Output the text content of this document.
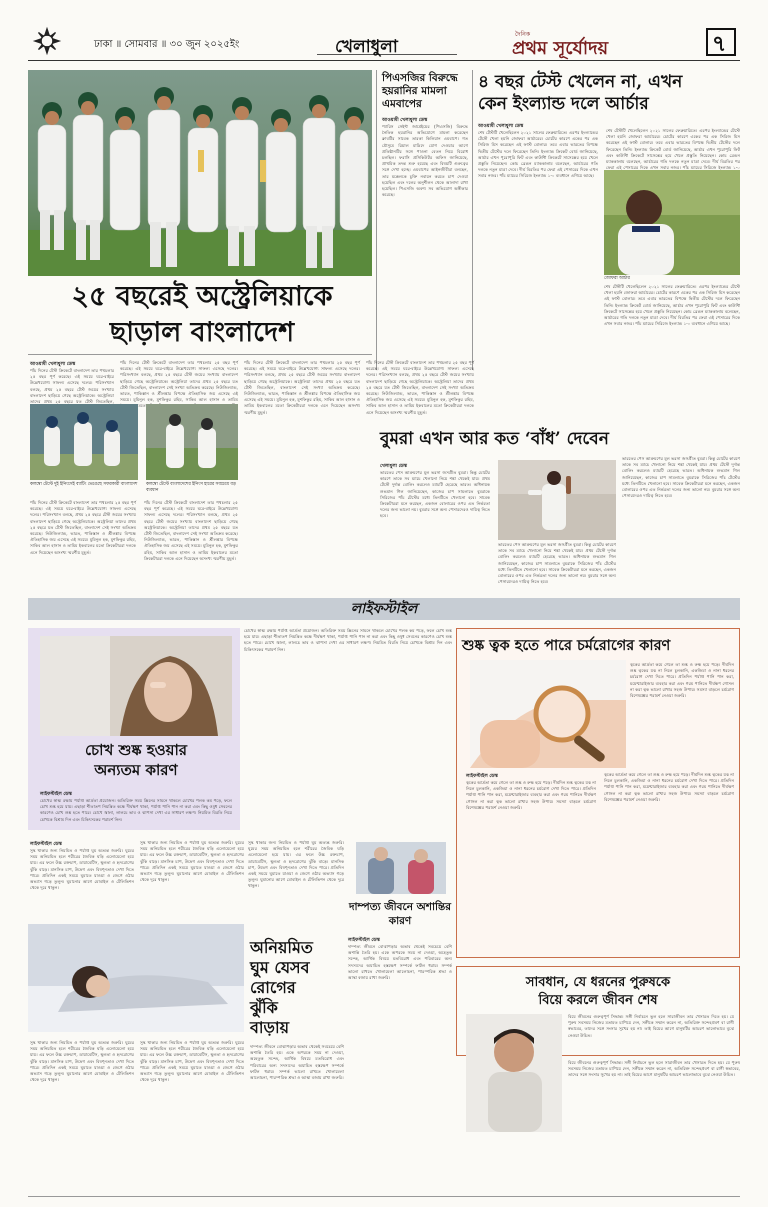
ঢাকা ॥ সোমবার ॥ ৩০ জুন ২০২৫ইং	খেলাধুলা
দৈনিক
প্রথম সূর্যোদয়	৭
পিএসজির বিরুদ্ধে হয়রানির মামলা এমবাপের
আওয়ামী খেলাধুলা ডেস্ক
প্যারিস সেইন্ট জার্মেইয়ের (পিএসজি) বিরুদ্ধে নৈতিক হয়রানির অভিযোগে মামলা করেছেন ক্লাবটির সাবেক তারকা কিলিয়ান এমবাপে। গত মৌসুমে রিয়াল মাদ্রিদে যোগ দেওয়ার আগে প্রতিষ্ঠানটির সঙ্গে পাওনা বেতন নিয়ে বিরোধ চলছিল। ফরাসি প্রসিকিউটর অফিস জানিয়েছে, প্রাথমিক তদন্ত শুরু হয়েছে এবং বিষয়টি গুরুত্বের সঙ্গে দেখা হচ্ছে। এমবাপের আইনজীবীরা বলছেন, তার মক্কেলকে চুক্তি নবায়ন করতে চাপ দেওয়া হয়েছিল এবং দলের অনুশীলন থেকে আলাদা রাখা হয়েছিল। পিএসজি অবশ্য সব অভিযোগ অস্বীকার করেছে।
৪ বছর টেস্ট খেলেন না, এখন
কেন ইংল্যান্ড দলে আর্চার
আওয়ামী খেলাধুলা ডেস্ক
শেষ টেস্টটি খেলেছিলেন ২০২১ সালের ফেব্রুয়ারিতে। এরপর ইংল্যান্ডের টেস্টে খেলা হয়নি জোফরা আর্চারের। চোটের কারণে একের পর এক সিরিজ মিস করেছেন এই ফাস্ট বোলার। তবে এবার ভারতের বিপক্ষে দ্বিতীয় টেস্টের দলে ফিরেছেন তিনি। ইংল্যান্ড ক্রিকেট বোর্ড জানিয়েছে, আর্চার এখন পুরোপুরি ফিট এবং কাউন্টি ক্রিকেটে সাসেক্সের হয়ে খেলে প্রস্তুতি নিয়েছেন। কোচ ব্রেন্ডন ম্যাককালাম বলেছেন, আর্চারের গতি দলকে নতুন মাত্রা দেবে। দীর্ঘ বিরতির পর ফেরা এই পেসারের দিকে এখন সবার নজর। পাঁচ ম্যাচের সিরিজে ইংল্যান্ড ১-০ ব্যবধানে এগিয়ে আছে।
শেষ টেস্টটি খেলেছিলেন ২০২১ সালের ফেব্রুয়ারিতে। এরপর ইংল্যান্ডের টেস্টে খেলা হয়নি জোফরা আর্চারের। চোটের কারণে একের পর এক সিরিজ মিস করেছেন এই ফাস্ট বোলার। তবে এবার ভারতের বিপক্ষে দ্বিতীয় টেস্টের দলে ফিরেছেন তিনি। ইংল্যান্ড ক্রিকেট বোর্ড জানিয়েছে, আর্চার এখন পুরোপুরি ফিট এবং কাউন্টি ক্রিকেটে সাসেক্সের হয়ে খেলে প্রস্তুতি নিয়েছেন। কোচ ব্রেন্ডন ম্যাককালাম বলেছেন, আর্চারের গতি দলকে নতুন মাত্রা দেবে। দীর্ঘ বিরতির পর ফেরা এই পেসারের দিকে এখন সবার নজর। পাঁচ ম্যাচের সিরিজে ইংল্যান্ড ১-০
জোফরা আর্চার
শেষ টেস্টটি খেলেছিলেন ২০২১ সালের ফেব্রুয়ারিতে। এরপর ইংল্যান্ডের টেস্টে খেলা হয়নি জোফরা আর্চারের। চোটের কারণে একের পর এক সিরিজ মিস করেছেন এই ফাস্ট বোলার। তবে এবার ভারতের বিপক্ষে দ্বিতীয় টেস্টের দলে ফিরেছেন তিনি। ইংল্যান্ড ক্রিকেট বোর্ড জানিয়েছে, আর্চার এখন পুরোপুরি ফিট এবং কাউন্টি ক্রিকেটে সাসেক্সের হয়ে খেলে প্রস্তুতি নিয়েছেন। কোচ ব্রেন্ডন ম্যাককালাম বলেছেন, আর্চারের গতি দলকে নতুন মাত্রা দেবে। দীর্ঘ বিরতির পর ফেরা এই পেসারের দিকে এখন সবার নজর। পাঁচ ম্যাচের সিরিজে ইংল্যান্ড ১-০ ব্যবধানে এগিয়ে আছে।
২৫ বছরেই অস্ট্রেলিয়াকে
ছাড়াল বাংলাদেশ
আওয়ামী খেলাধুলা ডেস্ক
পাঁচ দিনের টেস্ট ক্রিকেটে বাংলাদেশ তার পথচলার ২৫ বছর পূর্ণ করেছে। এই সময়ে ঘরে-বাইরে উল্লেখযোগ্য সাফল্য এসেছে দলের। পরিসংখ্যান বলছে, প্রথম ২৫ বছরে টেস্ট জয়ের সংখ্যায় বাংলাদেশ ছাড়িয়ে গেছে অস্ট্রেলিয়াকে। অস্ট্রেলিয়া তাদের প্রথম ২৫ বছরে যত টেস্ট জিতেছিল,
পাঁচ দিনের টেস্ট ক্রিকেটে বাংলাদেশ তার পথচলার ২৫ বছর পূর্ণ করেছে। এই সময়ে ঘরে-বাইরে উল্লেখযোগ্য সাফল্য এসেছে দলের। পরিসংখ্যান বলছে, প্রথম ২৫ বছরে টেস্ট জয়ের সংখ্যায় বাংলাদেশ ছাড়িয়ে গেছে অস্ট্রেলিয়াকে। অস্ট্রেলিয়া তাদের প্রথম ২৫ বছরে যত টেস্ট জিতেছিল, বাংলাদেশ সেই সংখ্যা অতিক্রম করেছে। নিউজিল্যান্ড, ভারত, পাকিস্তান ও শ্রীলঙ্কার বিপক্ষে ঐতিহাসিক জয় এসেছে এই সময়ে। মুমিনুল হক, মুশফিকুর রহিম, সাকিব আল হাসান ও তামিম মতো
পাঁচ দিনের টেস্ট ক্রিকেটে বাংলাদেশ তার পথচলার ২৫ বছর পূর্ণ করেছে। এই সময়ে ঘরে-বাইরে উল্লেখযোগ্য সাফল্য এসেছে দলের। পরিসংখ্যান বলছে, প্রথম ২৫ বছরে টেস্ট জয়ের সংখ্যায় বাংলাদেশ ছাড়িয়ে গেছে অস্ট্রেলিয়াকে। অস্ট্রেলিয়া তাদের প্রথম ২৫ বছরে যত টেস্ট জিতেছিল, বাংলাদেশ সেই সংখ্যা অতিক্রম করেছে। নিউজিল্যান্ড, ভারত, পাকিস্তান ও শ্রীলঙ্কার বিপক্ষে ঐতিহাসিক জয় এসেছে এই সময়ে। মুমিনুল হক, মুশফিকুর রহিম, সাকিব আল হাসান ও তামিম ইকবালের মতো ক্রিকেটাররা দলকে এনে দিয়েছেন অসংখ্য স্মরণীয় মুহূর্ত।
পাঁচ দিনের টেস্ট ক্রিকেটে বাংলাদেশ তার পথচলার ২৫ বছর পূর্ণ করেছে। এই সময়ে ঘরে-বাইরে উল্লেখযোগ্য সাফল্য এসেছে দলের। পরিসংখ্যান বলছে, প্রথম ২৫ বছরে টেস্ট জয়ের সংখ্যায় বাংলাদেশ ছাড়িয়ে গেছে অস্ট্রেলিয়াকে। অস্ট্রেলিয়া তাদের প্রথম ২৫ বছরে যত টেস্ট জিতেছিল, বাংলাদেশ সেই সংখ্যা অতিক্রম করেছে। নিউজিল্যান্ড, ভারত, পাকিস্তান ও শ্রীলঙ্কার বিপক্ষে ঐতিহাসিক জয় এসেছে এই সময়ে। মুমিনুল হক, মুশফিকুর রহিম, সাকিব আল হাসান ও তামিম ইকবালের মতো ক্রিকেটাররা দলকে এনে দিয়েছেন অসংখ্য স্মরণীয় মুহূর্ত।
কলম্বো টেস্টে দুই ইনিংসেই ব্যাটিং ভেঙেছে সফরকারী বাংলাদেশ কলম্বো টেস্টে বাংলাদেশের ইনিংস হারের সবচেয়ে বড় ব্যবধান
পাঁচ দিনের টেস্ট ক্রিকেটে বাংলাদেশ তার পথচলার ২৫ বছর পূর্ণ করেছে। এই সময়ে ঘরে-বাইরে উল্লেখযোগ্য সাফল্য এসেছে দলের। পরিসংখ্যান বলছে, প্রথম ২৫ বছরে টেস্ট জয়ের সংখ্যায় বাংলাদেশ ছাড়িয়ে গেছে অস্ট্রেলিয়াকে। অস্ট্রেলিয়া তাদের প্রথম ২৫ বছরে যত টেস্ট জিতেছিল, বাংলাদেশ সেই সংখ্যা অতিক্রম করেছে। নিউজিল্যান্ড, ভারত, পাকিস্তান ও শ্রীলঙ্কার বিপক্ষে ঐতিহাসিক জয় এসেছে এই সময়ে। মুমিনুল হক, মুশফিকুর রহিম, সাকিব আল হাসান ও তামিম ইকবালের মতো ক্রিকেটাররা দলকে এনে দিয়েছেন অসংখ্য স্মরণীয় মুহূর্ত।
পাঁচ দিনের টেস্ট ক্রিকেটে বাংলাদেশ তার পথচলার ২৫ বছর পূর্ণ করেছে। এই সময়ে ঘরে-বাইরে উল্লেখযোগ্য সাফল্য এসেছে দলের। পরিসংখ্যান বলছে, প্রথম ২৫ বছরে টেস্ট জয়ের সংখ্যায় বাংলাদেশ ছাড়িয়ে গেছে অস্ট্রেলিয়াকে। অস্ট্রেলিয়া তাদের প্রথম ২৫ বছরে যত টেস্ট জিতেছিল, বাংলাদেশ সেই সংখ্যা অতিক্রম করেছে। নিউজিল্যান্ড, ভারত, পাকিস্তান ও শ্রীলঙ্কার বিপক্ষে ঐতিহাসিক জয় এসেছে এই সময়ে। মুমিনুল হক, মুশফিকুর রহিম, সাকিব আল হাসান ও তামিম ইকবালের মতো ক্রিকেটাররা দলকে এনে দিয়েছেন অসংখ্য স্মরণীয় মুহূর্ত।
বুমরা এখন আর কত ‘বাঁধ’ দেবেন
খেলাধুলা ডেস্ক
ভারতের পেস আক্রমণের মূল ভরসা জসপ্রীত বুমরা। কিন্তু চোটের কারণে তাকে সব ম্যাচে খেলানো নিয়ে শঙ্কা থেকেই যায়। প্রথম টেস্টে দুর্দান্ত বোলিং করলেও ম্যাচটি হেরেছে ভারত। অধিনায়ক শুভমান গিল জানিয়েছেন, কাজের চাপ সামলাতে বুমরাকে সিরিজের পাঁচ টেস্টের মধ্যে তিনটিতে খেলানো হবে। সাবেক ক্রিকেটাররা মনে করছেন, একজন বোলারের ওপর এত নির্ভরতা দলের জন্য ভালো নয়। বুমরার সঙ্গে অন্য পেসারদেরও দায়িত্ব নিতে হবে।
ভারতের পেস আক্রমণের মূল ভরসা জসপ্রীত বুমরা। কিন্তু চোটের কারণে তাকে সব ম্যাচে খেলানো নিয়ে শঙ্কা থেকেই যায়। প্রথম টেস্টে দুর্দান্ত বোলিং করলেও ম্যাচটি হেরেছে ভারত। অধিনায়ক শুভমান গিল জানিয়েছেন, কাজের চাপ সামলাতে বুমরাকে সিরিজের পাঁচ টেস্টের মধ্যে তিনটিতে খেলানো হবে। সাবেক ক্রিকেটাররা মনে করছেন, একজন বোলারের ওপর এত নির্ভরতা দলের জন্য ভালো নয়। বুমরার সঙ্গে অন্য পেসারদেরও দায়িত্ব নিতে হবে।
ভারতের পেস আক্রমণের মূল ভরসা জসপ্রীত বুমরা। কিন্তু চোটের কারণে তাকে সব ম্যাচে খেলানো নিয়ে শঙ্কা থেকেই যায়। প্রথম টেস্টে দুর্দান্ত বোলিং করলেও ম্যাচটি হেরেছে ভারত। অধিনায়ক শুভমান গিল জানিয়েছেন, কাজের চাপ সামলাতে বুমরাকে সিরিজের পাঁচ টেস্টের মধ্যে তিনটিতে খেলানো হবে। সাবেক ক্রিকেটাররা মনে করছেন, একজন বোলারের ওপর এত নির্ভরতা দলের জন্য ভালো নয়। বুমরার সঙ্গে অন্য পেসারদেরও দায়িত্ব নিতে হবে।
লাইফস্টাইল
চোখ শুষ্ক হওয়ার
অন্যতম কারণ
লাইফস্টাইল ডেস্ক
চোখের স্বাস্থ্য রক্ষায় পর্যাপ্ত আর্দ্রতা প্রয়োজন। অতিরিক্ত সময় স্ক্রিনের সামনে থাকলে চোখের পলক কম পড়ে, ফলে চোখ শুষ্ক হয়ে যায়। এছাড়া শীতাতপ নিয়ন্ত্রিত কক্ষে দীর্ঘক্ষণ থাকা, পর্যাপ্ত পানি পান না করা এবং কিছু ওষুধ সেবনের কারণেও চোখ শুষ্ক হতে পারে। চোখে জ্বালা, লালচে ভাব ও ঝাপসা দেখা এর সাধারণ লক্ষণ। নিয়মিত বিরতি নিয়ে চোখকে বিশ্রাম দিন এবং চিকিৎসকের পরামর্শ নিন।
চোখের স্বাস্থ্য রক্ষায় পর্যাপ্ত আর্দ্রতা প্রয়োজন। অতিরিক্ত সময় স্ক্রিনের সামনে থাকলে চোখের পলক কম পড়ে, ফলে চোখ শুষ্ক হয়ে যায়। এছাড়া শীতাতপ নিয়ন্ত্রিত কক্ষে দীর্ঘক্ষণ থাকা, পর্যাপ্ত পানি পান না করা এবং কিছু ওষুধ সেবনের কারণেও চোখ শুষ্ক হতে পারে। চোখে জ্বালা, লালচে ভাব ও ঝাপসা দেখা এর সাধারণ লক্ষণ। নিয়মিত বিরতি নিয়ে চোখকে বিশ্রাম দিন এবং চিকিৎসকের পরামর্শ নিন।	শুষ্ক ত্বক হতে পারে চর্মরোগের কারণ
ত্বকের আর্দ্রতা কমে গেলে তা শুষ্ক ও রুক্ষ হয়ে পড়ে। দীর্ঘদিন শুষ্ক ত্বকের যত্ন না নিলে চুলকানি, একজিমা ও নানা ধরনের চর্মরোগ দেখা দিতে পারে। প্রতিদিন পর্যাপ্ত পানি পান করা, ময়েশ্চারাইজার ব্যবহার করা এবং গরম পানিতে দীর্ঘক্ষণ গোসল না করা ত্বক ভালো রাখার সহজ উপায়। সমস্যা বাড়লে চর্মরোগ বিশেষজ্ঞের পরামর্শ নেওয়া জরুরি।
লাইফস্টাইল ডেস্ক
ত্বকের আর্দ্রতা কমে গেলে তা শুষ্ক ও রুক্ষ হয়ে পড়ে। দীর্ঘদিন শুষ্ক ত্বকের যত্ন না নিলে চুলকানি, একজিমা ও নানা ধরনের চর্মরোগ দেখা দিতে পারে। প্রতিদিন পর্যাপ্ত পানি পান করা, ময়েশ্চারাইজার ব্যবহার করা এবং গরম পানিতে দীর্ঘক্ষণ গোসল না করা ত্বক ভালো রাখার সহজ উপায়। সমস্যা বাড়লে চর্মরোগ বিশেষজ্ঞের পরামর্শ নেওয়া জরুরি।
ত্বকের আর্দ্রতা কমে গেলে তা শুষ্ক ও রুক্ষ হয়ে পড়ে। দীর্ঘদিন শুষ্ক ত্বকের যত্ন না নিলে চুলকানি, একজিমা ও নানা ধরনের চর্মরোগ দেখা দিতে পারে। প্রতিদিন পর্যাপ্ত পানি পান করা, ময়েশ্চারাইজার ব্যবহার করা এবং গরম পানিতে দীর্ঘক্ষণ গোসল না করা ত্বক ভালো রাখার সহজ উপায়। সমস্যা বাড়লে চর্মরোগ বিশেষজ্ঞের পরামর্শ নেওয়া জরুরি।
লাইফস্টাইল ডেস্ক
সুস্থ থাকার জন্য নিয়মিত ও পর্যাপ্ত ঘুম অত্যন্ত জরুরি। ঘুমের সময় অনিয়মিত হলে শরীরের জৈবিক ঘড়ি এলোমেলো হয়ে যায়। এর ফলে উচ্চ রক্তচাপ, ডায়াবেটিস, স্থূলতা ও হৃদরোগের ঝুঁকি বাড়ে। মানসিক চাপ, উদ্বেগ এবং বিষণ্নতাও দেখা দিতে পারে। প্রতিদিন একই সময়ে ঘুমাতে যাওয়া ও জেগে ওঠার অভ্যাস গড়ে তুলুন। ঘুমানোর আগে মোবাইল ও টেলিভিশন থেকে দূরে থাকুন।
সুস্থ থাকার জন্য নিয়মিত ও পর্যাপ্ত ঘুম অত্যন্ত জরুরি। ঘুমের সময় অনিয়মিত হলে শরীরের জৈবিক ঘড়ি এলোমেলো হয়ে যায়। এর ফলে উচ্চ রক্তচাপ, ডায়াবেটিস, স্থূলতা ও হৃদরোগের ঝুঁকি বাড়ে। মানসিক চাপ, উদ্বেগ এবং বিষণ্নতাও দেখা দিতে পারে। প্রতিদিন একই সময়ে ঘুমাতে যাওয়া ও জেগে ওঠার অভ্যাস গড়ে তুলুন। ঘুমানোর আগে মোবাইল ও টেলিভিশন থেকে দূরে থাকুন।
অনিয়মিত
ঘুম যেসব
রোগের
ঝুঁকি
বাড়ায়
সুস্থ থাকার জন্য নিয়মিত ও পর্যাপ্ত ঘুম অত্যন্ত জরুরি। ঘুমের সময় অনিয়মিত হলে শরীরের জৈবিক ঘড়ি এলোমেলো হয়ে যায়। এর ফলে উচ্চ রক্তচাপ, ডায়াবেটিস, স্থূলতা ও হৃদরোগের ঝুঁকি বাড়ে। মানসিক চাপ, উদ্বেগ এবং বিষণ্নতাও দেখা দিতে পারে। প্রতিদিন একই সময়ে ঘুমাতে যাওয়া ও জেগে ওঠার অভ্যাস গড়ে তুলুন। ঘুমানোর আগে মোবাইল ও টেলিভিশন থেকে দূরে থাকুন।
সুস্থ থাকার জন্য নিয়মিত ও পর্যাপ্ত ঘুম অত্যন্ত জরুরি। ঘুমের সময় অনিয়মিত হলে শরীরের জৈবিক ঘড়ি এলোমেলো হয়ে যায়। এর ফলে উচ্চ রক্তচাপ, ডায়াবেটিস, স্থূলতা ও হৃদরোগের ঝুঁকি বাড়ে। মানসিক চাপ, উদ্বেগ এবং বিষণ্নতাও দেখা দিতে পারে। প্রতিদিন একই সময়ে ঘুমাতে যাওয়া ও জেগে ওঠার অভ্যাস গড়ে তুলুন। ঘুমানোর আগে মোবাইল ও টেলিভিশন থেকে দূরে থাকুন।
সুস্থ থাকার জন্য নিয়মিত ও পর্যাপ্ত ঘুম অত্যন্ত জরুরি। ঘুমের সময় অনিয়মিত হলে শরীরের জৈবিক ঘড়ি এলোমেলো হয়ে যায়। এর ফলে উচ্চ রক্তচাপ, ডায়াবেটিস, স্থূলতা ও হৃদরোগের ঝুঁকি বাড়ে। মানসিক চাপ, উদ্বেগ এবং বিষণ্নতাও দেখা দিতে পারে। প্রতিদিন একই সময়ে ঘুমাতে যাওয়া ও জেগে ওঠার অভ্যাস গড়ে তুলুন। ঘুমানোর আগে মোবাইল ও টেলিভিশন থেকে দূরে থাকুন।
দাম্পত্য জীবনে অশান্তির
কারণ
লাইফস্টাইল ডেস্ক
দাম্পত্য জীবনে বোঝাপড়ার অভাব থেকেই সবচেয়ে বেশি অশান্তি তৈরি হয়। একে অপরকে সময় না দেওয়া, অহেতুক সন্দেহ, আর্থিক বিষয়ে মতবিরোধ এবং পরিবারের অন্য সদস্যদের অযাচিত হস্তক্ষেপ সম্পর্কে ফাটল ধরায়। সম্পর্ক ভালো রাখতে খোলামেলা আলোচনা, পারস্পরিক শ্রদ্ধা ও আস্থা বজায় রাখা জরুরি।
দাম্পত্য জীবনে বোঝাপড়ার অভাব থেকেই সবচেয়ে বেশি অশান্তি তৈরি হয়। একে অপরকে সময় না দেওয়া, অহেতুক সন্দেহ, আর্থিক বিষয়ে মতবিরোধ এবং পরিবারের অন্য সদস্যদের অযাচিত হস্তক্ষেপ সম্পর্কে ফাটল ধরায়। সম্পর্ক ভালো রাখতে খোলামেলা আলোচনা, পারস্পরিক শ্রদ্ধা ও আস্থা বজায় রাখা জরুরি।
সাবধান, যে ধরনের পুরুষকে
বিয়ে করলে জীবন শেষ
বিয়ে জীবনের গুরুত্বপূর্ণ সিদ্ধান্ত। সঙ্গী নির্বাচনে ভুল হলে সারাজীবন তার খেসারত দিতে হয়। যে পুরুষ সবসময় নিজের মতামত চাপিয়ে দেন, সঙ্গীকে সম্মান করেন না, অতিরিক্ত সন্দেহপ্রবণ বা রাগী স্বভাবের, তাদের সঙ্গে সংসার সুখের হয় না। তাই বিয়ের আগে মানুষটির আচরণ ভালোভাবে বুঝে নেওয়া উচিত।
বিয়ে জীবনের গুরুত্বপূর্ণ সিদ্ধান্ত। সঙ্গী নির্বাচনে ভুল হলে সারাজীবন তার খেসারত দিতে হয়। যে পুরুষ সবসময় নিজের মতামত চাপিয়ে দেন, সঙ্গীকে সম্মান করেন না, অতিরিক্ত সন্দেহপ্রবণ বা রাগী স্বভাবের, তাদের সঙ্গে সংসার সুখের হয় না। তাই বিয়ের আগে মানুষটির আচরণ ভালোভাবে বুঝে নেওয়া উচিত।
